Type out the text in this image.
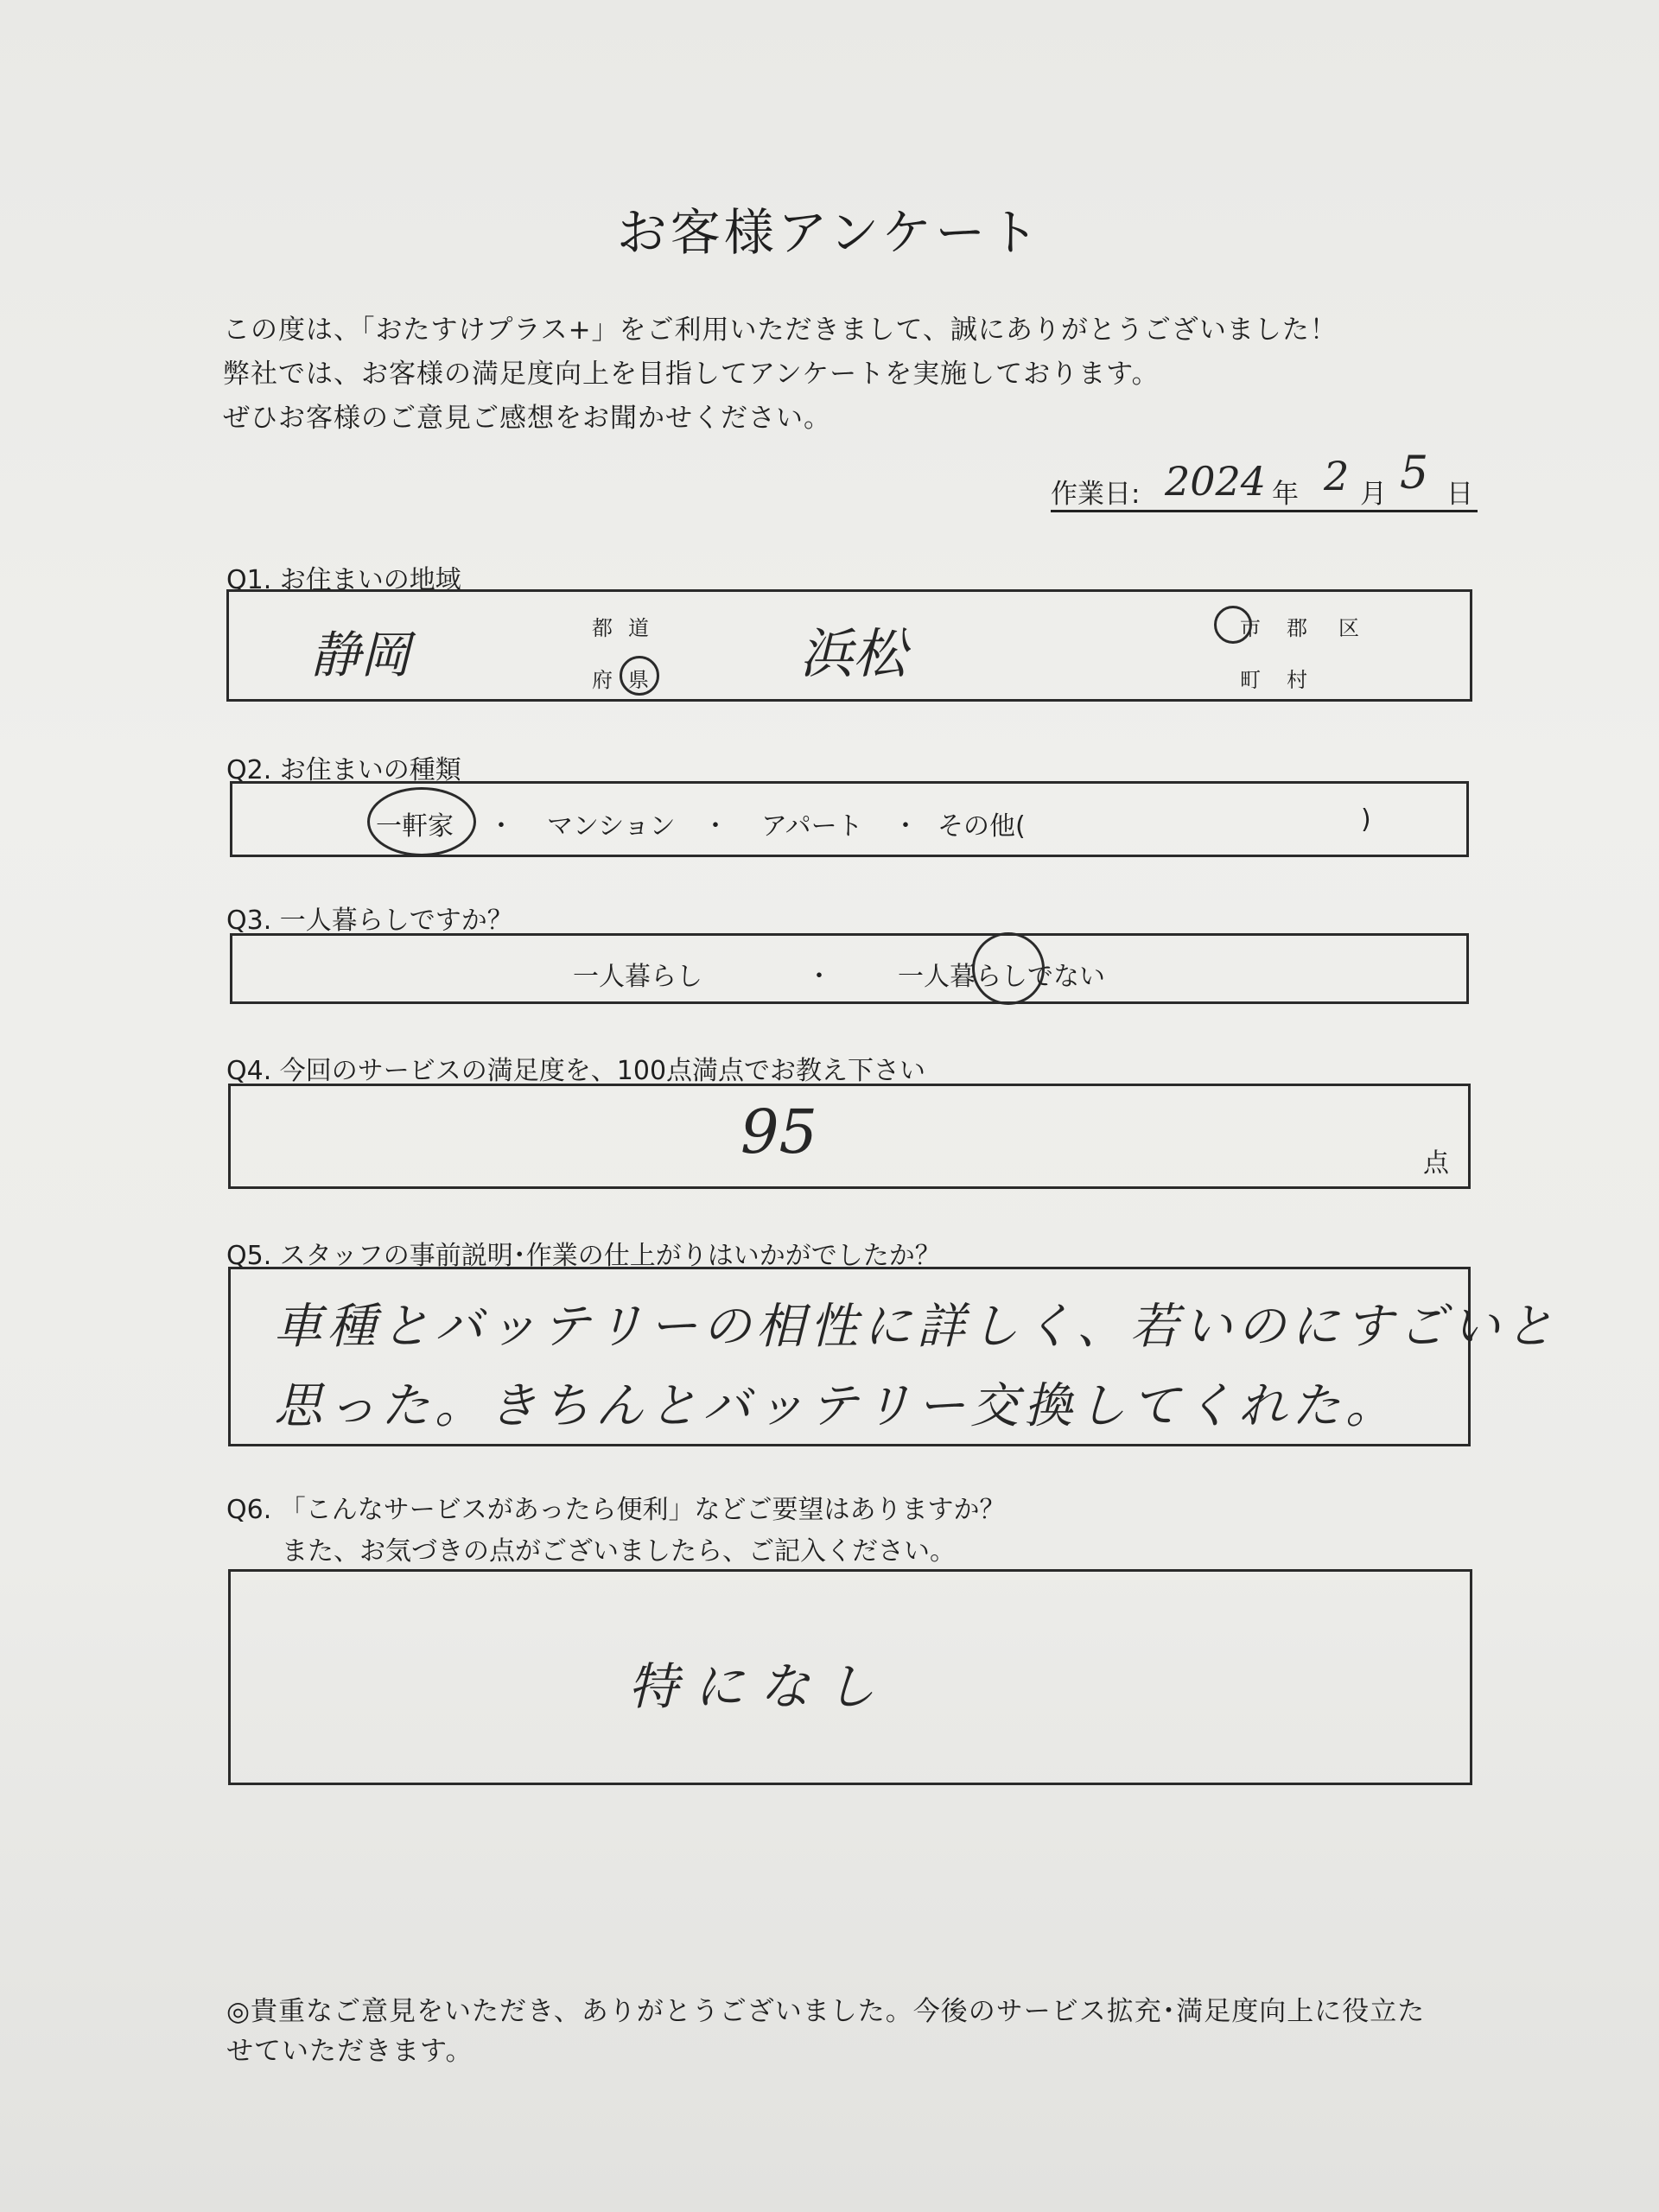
お客様アンケート
この度は、「おたすけプラス+」をご利用いただきまして、誠にありがとうございました！
弊社では、お客様の満足度向上を目指してアンケートを実施しております。
ぜひお客様のご意見ご感想をお聞かせください。
作業日: 2024 年 2 月 5 日
Q1. お住まいの地域
静岡	都 道
府 県	浜松	市 郡 区
町 村
Q2. お住まいの種類
一軒家 ・ マンション ・ アパート ・ その他(	)
Q3. 一人暮らしですか？
一人暮らし	・	一人暮らしでない
Q4. 今回のサービスの満足度を、100点満点でお教え下さい
95	点
Q5. スタッフの事前説明･作業の仕上がりはいかがでしたか？
車種とバッテリーの相性に詳しく、若いのにすごいと
思った。きちんとバッテリー交換してくれた。
Q6. 「こんなサービスがあったら便利」などご要望はありますか？
また、お気づきの点がございましたら、ご記入ください。
特になし
◎貴重なご意見をいただき、ありがとうございました。今後のサービス拡充･満足度向上に役立た
せていただきます。
